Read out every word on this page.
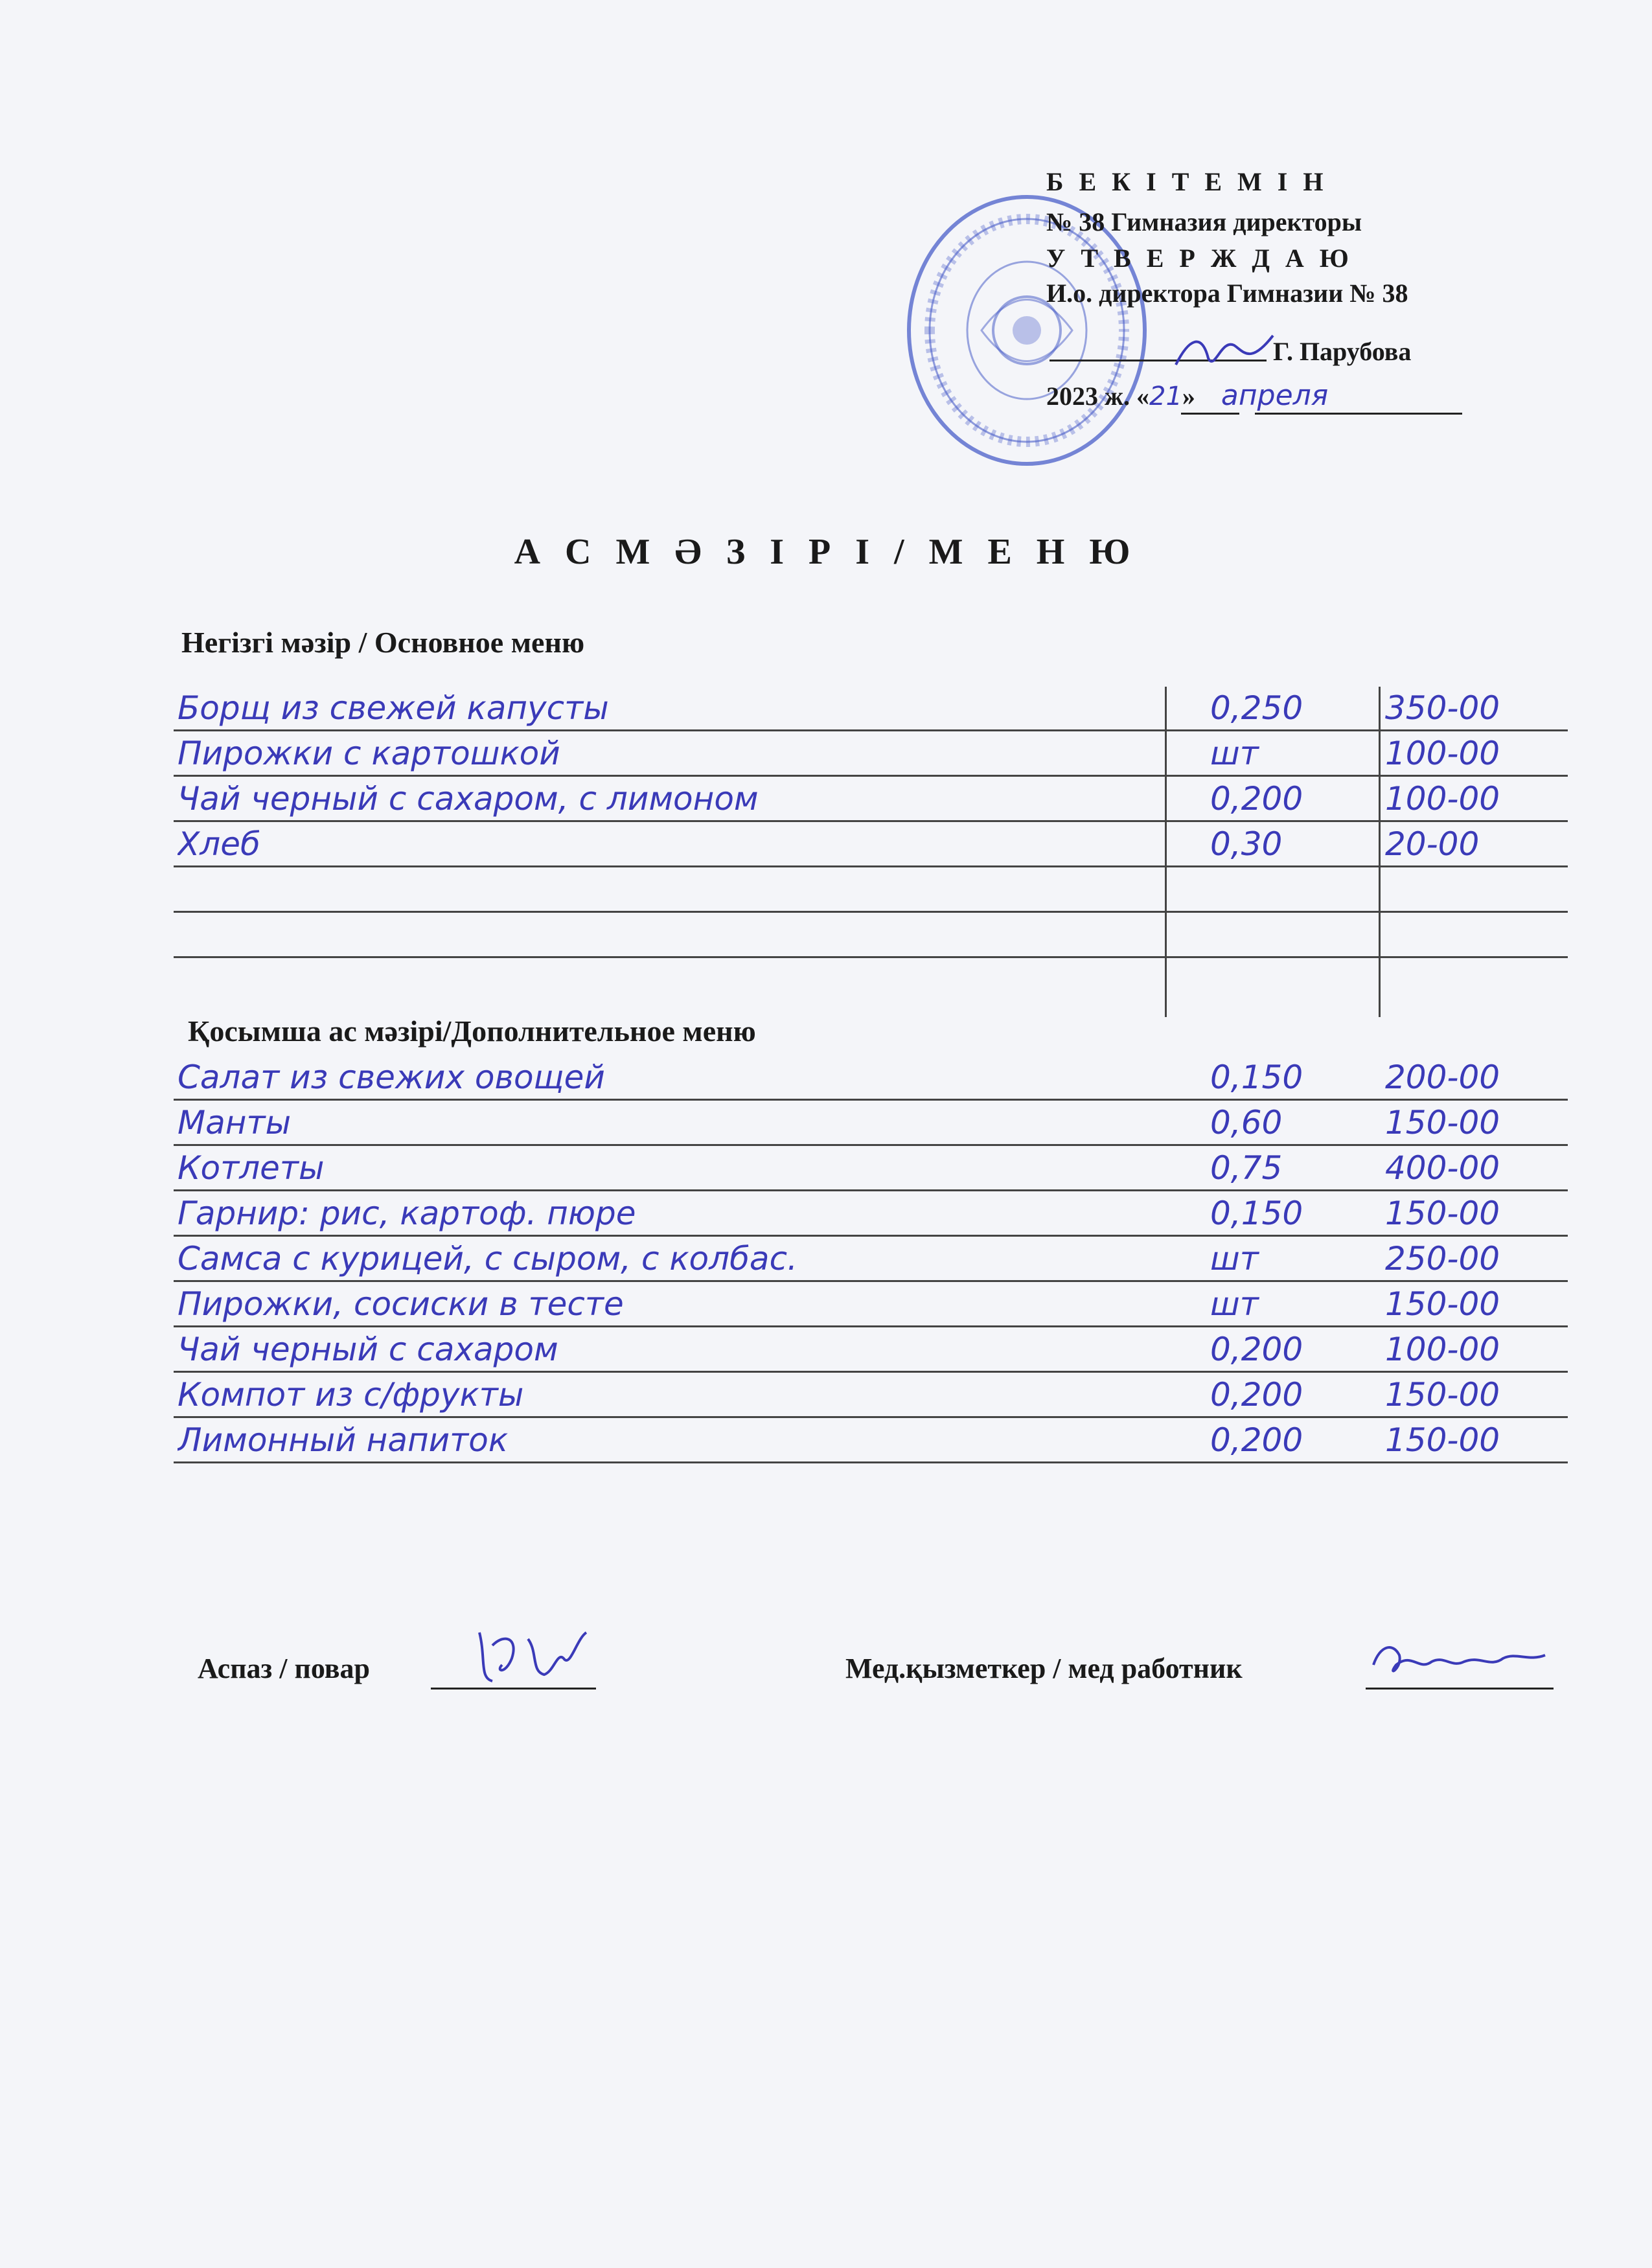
Б Е К І Т Е М І Н
№ 38 Гимназия директоры
У Т В Е Р Ж Д А Ю
И.о. директора Гимназии № 38
Г. Парубова
2023 ж. «21» апреля
А С М Ә З І Р І / М Е Н Ю
Негізгі мәзір / Основное меню
Борщ из свежей капусты	0,250	350-00
Пирожки с картошкой	шт	100-00
Чай черный с сахаром, с лимоном	0,200	100-00
Хлеб	0,30	20-00
Қосымша ас мәзірі/Дополнительное меню
Салат из свежих овощей	0,150	200-00
Манты	0,60	150-00
Котлеты	0,75	400-00
Гарнир: рис, картоф. пюре	0,150	150-00
Самса с курицей, с сыром, с колбас.	шт	250-00
Пирожки, сосиски в тесте	шт	150-00
Чай черный с сахаром	0,200	100-00
Компот из с/фрукты	0,200	150-00
Лимонный напиток	0,200	150-00
Аспаз / повар	Мед.қызметкер / мед работник
